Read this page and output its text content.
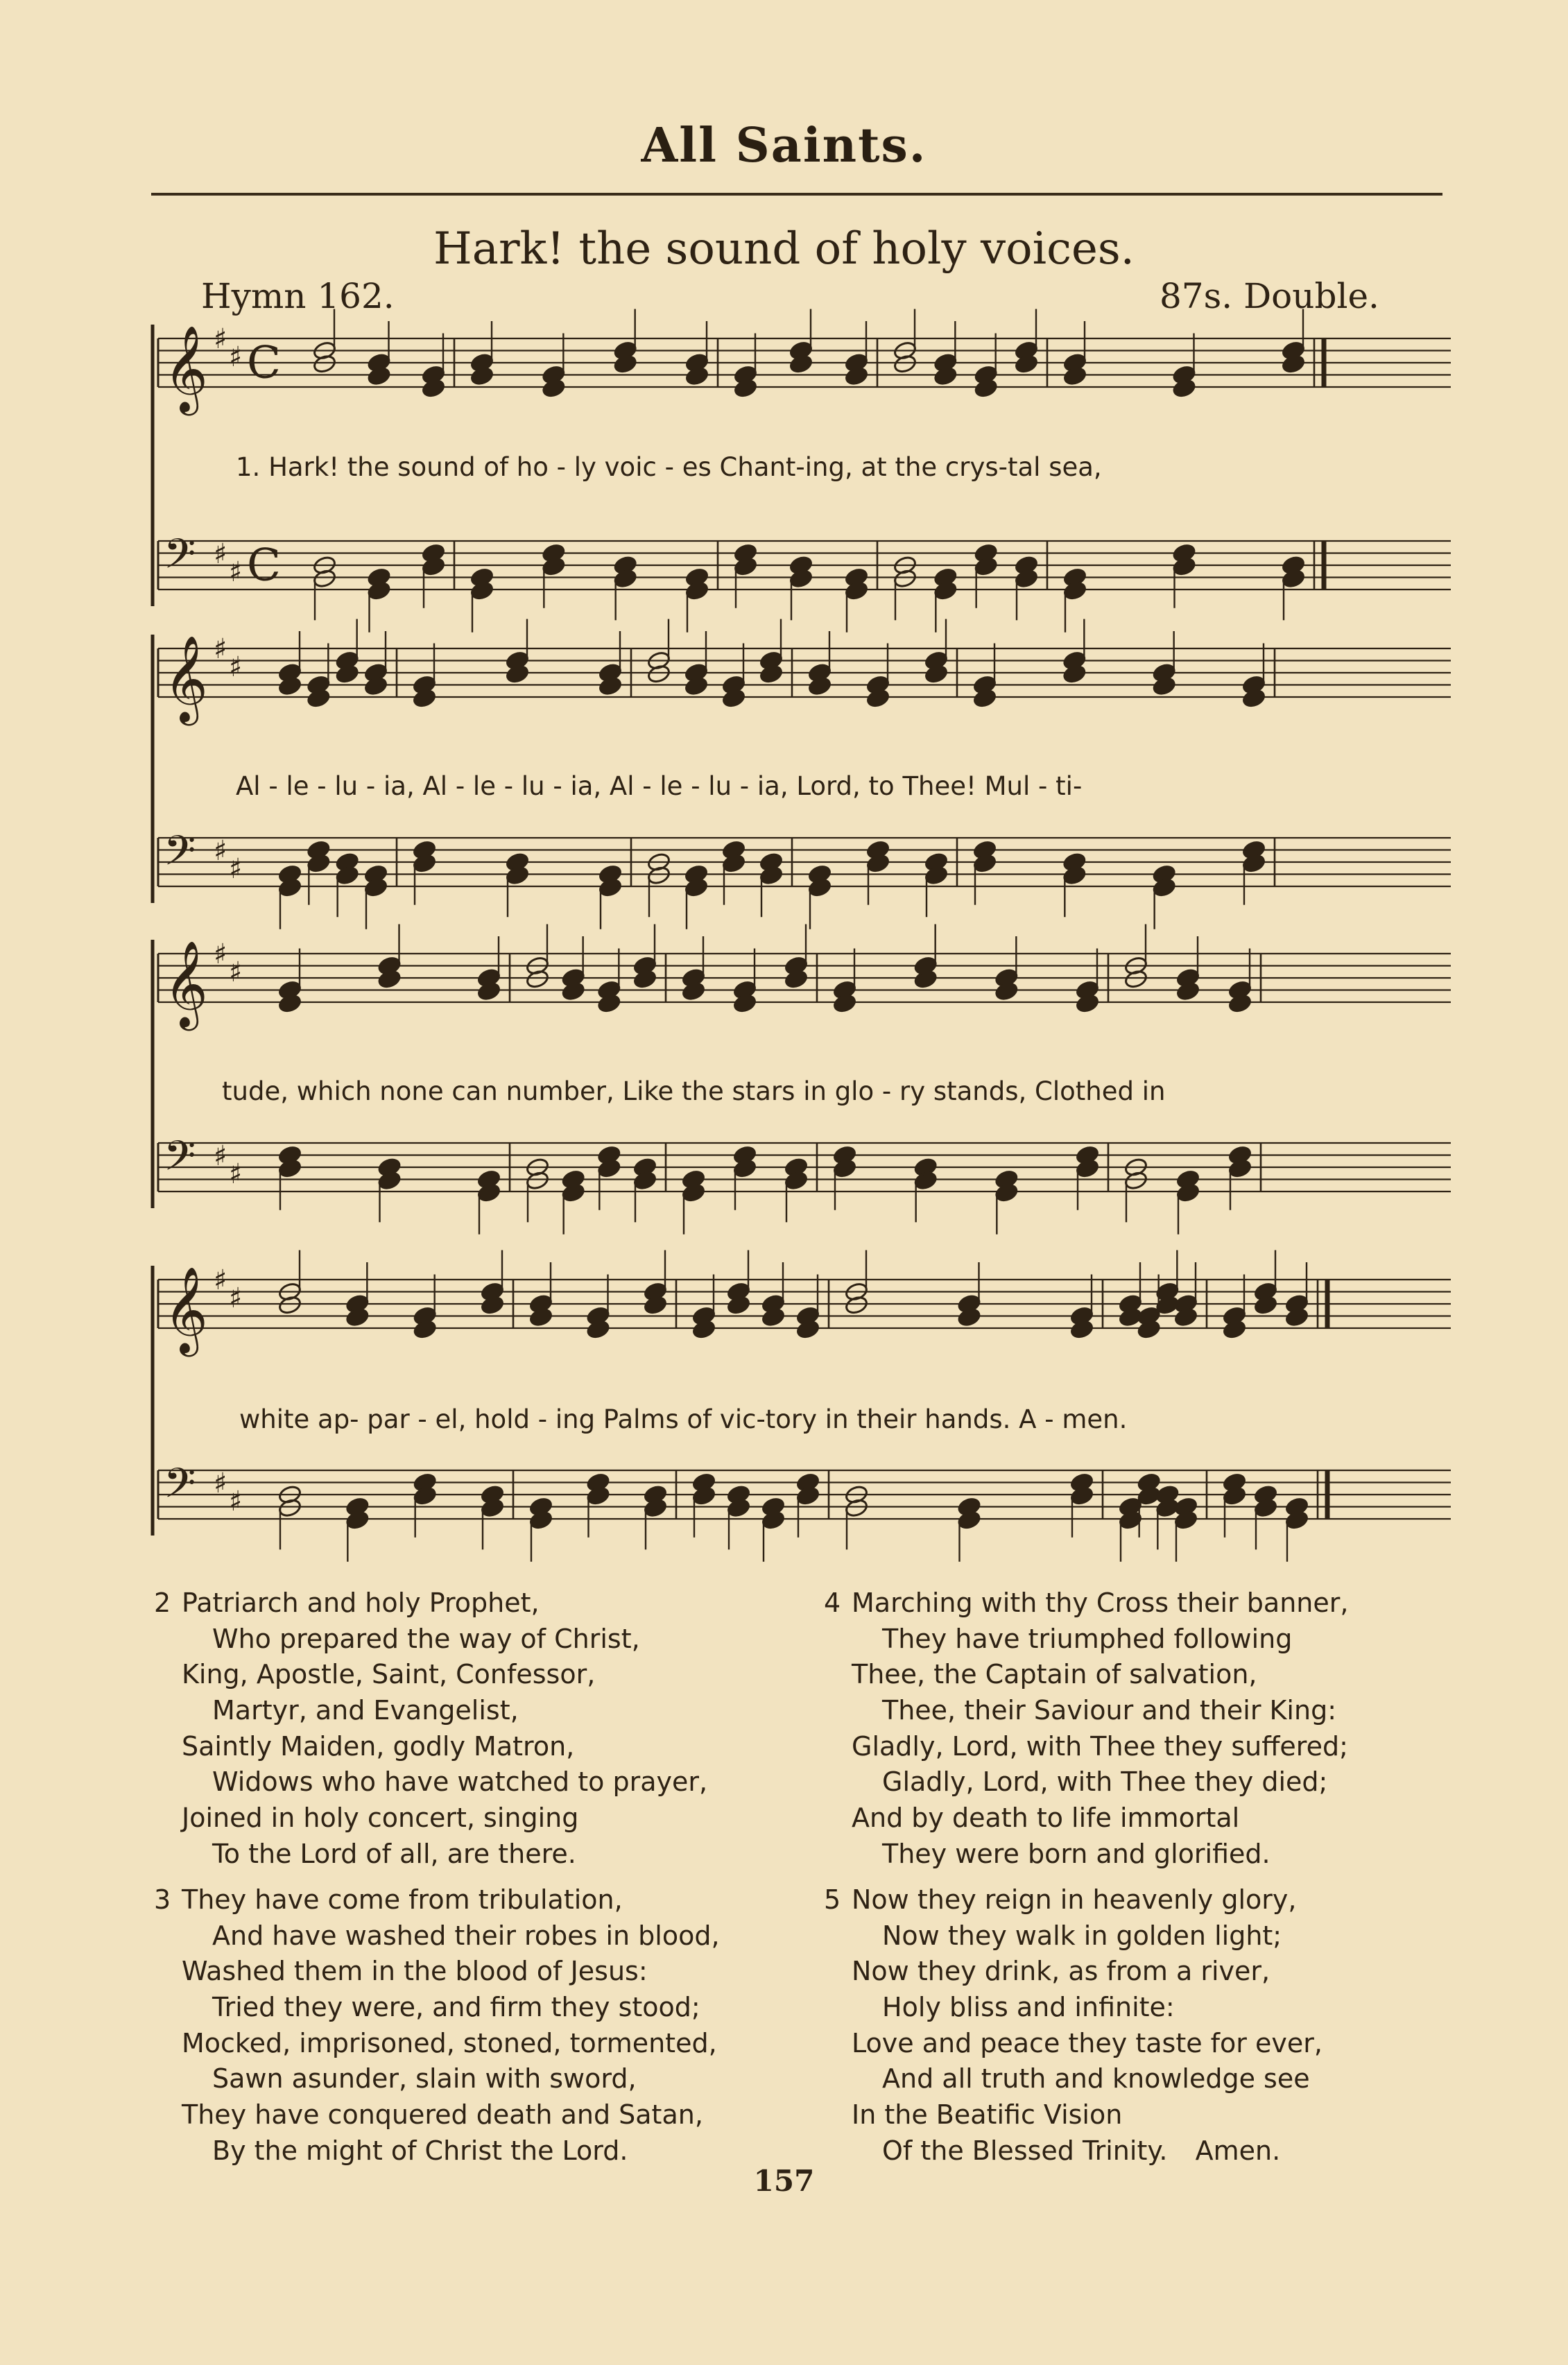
All Saints.
Hark! the sound of holy voices.
Hymn 162.	87s. Double.
𝄞 ♯
♯ C
𝄢 ♯
♯ C
𝄞 ♯
♯
𝄢 ♯
♯
𝄞 ♯
♯
𝄢 ♯
♯
𝄞 ♯
♯
𝄢 ♯
♯
1. Hark! the sound of ho - ly voic - es Chant-ing, at the crys-tal sea,
Al - le - lu - ia, Al - le - lu - ia, Al - le - lu - ia, Lord, to Thee! Mul - ti-
tude, which none can number, Like the stars in glo - ry stands, Clothed in
white ap- par - el, hold - ing Palms of vic-tory in their hands. A - men.
2 Patriarch and holy Prophet,
Who prepared the way of Christ,
King, Apostle, Saint, Confessor,
Martyr, and Evangelist,
Saintly Maiden, godly Matron,
Widows who have watched to prayer,
Joined in holy concert, singing
To the Lord of all, are there.
3 They have come from tribulation,
And have washed their robes in blood,
Washed them in the blood of Jesus:
Tried they were, and firm they stood;
Mocked, imprisoned, stoned, tormented,
Sawn asunder, slain with sword,
They have conquered death and Satan,
By the might of Christ the Lord.
4 Marching with thy Cross their banner,
They have triumphed following
Thee, the Captain of salvation,
Thee, their Saviour and their King:
Gladly, Lord, with Thee they suffered;
Gladly, Lord, with Thee they died;
And by death to life immortal
They were born and glorified.
5 Now they reign in heavenly glory,
Now they walk in golden light;
Now they drink, as from a river,
Holy bliss and infinite:
Love and peace they taste for ever,
And all truth and knowledge see
In the Beatific Vision
Of the Blessed Trinity. Amen.
157
